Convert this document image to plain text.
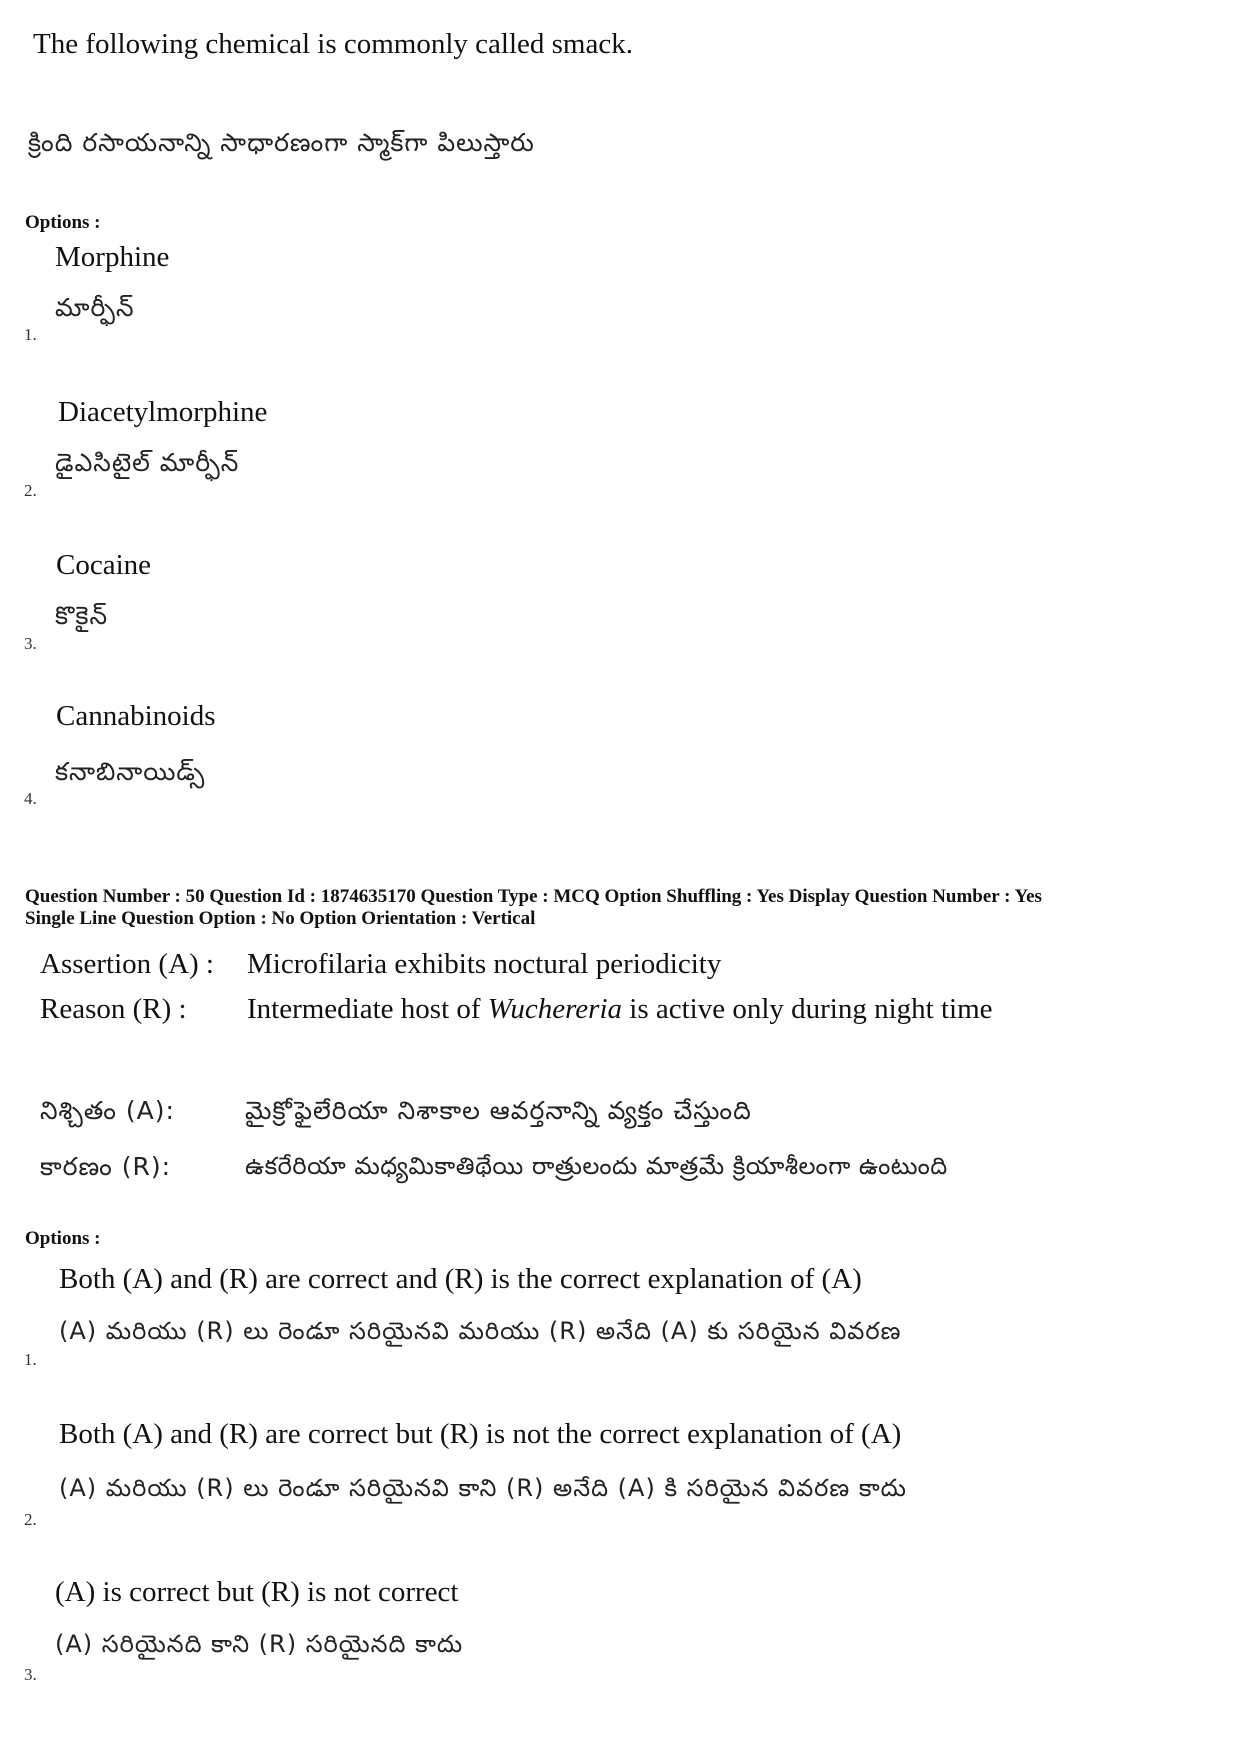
The following chemical is commonly called smack.
క్రింది రసాయనాన్ని సాధారణంగా స్మాక్‌గా పిలుస్తారు
Options :
Morphine
మార్ఫీన్
1.
Diacetylmorphine
డైఎసిటైల్ మార్ఫీన్
2.
Cocaine
కొకైన్
3.
Cannabinoids
కనాబినాయిడ్స్
4.
Question Number : 50 Question Id : 1874635170 Question Type : MCQ Option Shuffling : Yes Display Question Number : Yes
Single Line Question Option : No Option Orientation : Vertical
Assertion (A) : Microfilaria exhibits noctural periodicity
Reason (R) : Intermediate host of Wuchereria is active only during night time
నిశ్చితం (A):	మైక్రోఫైలేరియా నిశాకాల ఆవర్తనాన్ని వ్యక్తం చేస్తుంది
కారణం (R):	ఉకరేరియా మధ్యమికాతిథేయి రాత్రులందు మాత్రమే క్రియాశీలంగా ఉంటుంది
Options :
Both (A) and (R) are correct and (R) is the correct explanation of (A)
(A) మరియు (R) లు రెండూ సరియైనవి మరియు (R) అనేది (A) కు సరియైన వివరణ
1.
Both (A) and (R) are correct but (R) is not the correct explanation of (A)
(A) మరియు (R) లు రెండూ సరియైనవి కాని (R) అనేది (A) కి సరియైన వివరణ కాదు
2.
(A) is correct but (R) is not correct
(A) సరియైనది కాని (R) సరియైనది కాదు
3.
